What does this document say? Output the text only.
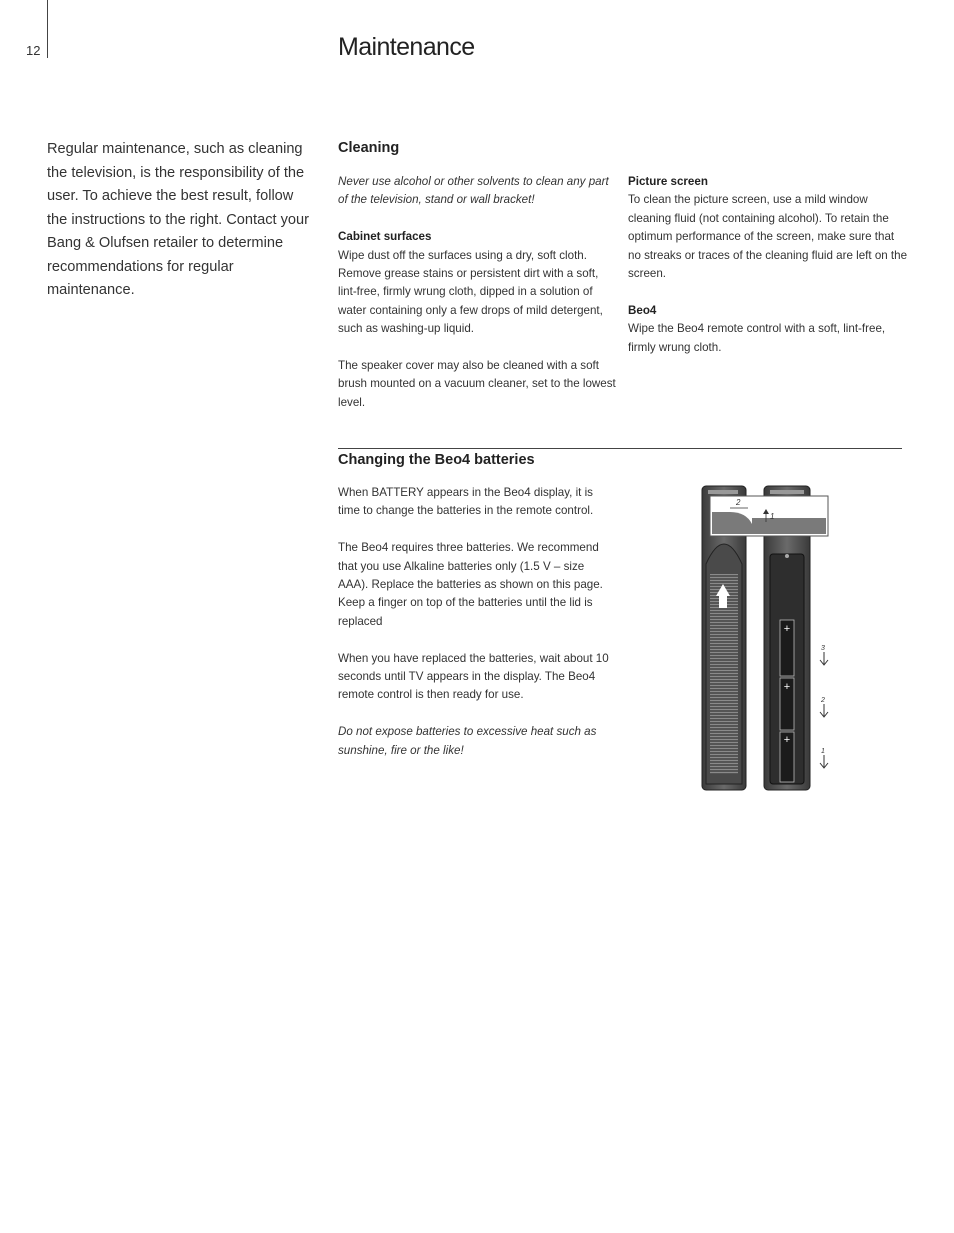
12	Maintenance

Regular maintenance, such as cleaning the television, is the responsibility of the user. To achieve the best result, follow the instructions to the right. Contact your Bang & Olufsen retailer to determine recommendations for regular maintenance.

Cleaning

Never use alcohol or other solvents to clean any part of the television, stand or wall bracket!

Cabinet surfaces

Wipe dust off the surfaces using a dry, soft cloth. Remove grease stains or persistent dirt with a soft, lint-free, firmly wrung cloth, dipped in a solution of water containing only a few drops of mild detergent, such as washing-up liquid.

The speaker cover may also be cleaned with a soft brush mounted on a vacuum cleaner, set to the lowest level.

Picture screen

To clean the picture screen, use a mild window cleaning fluid (not containing alcohol). To retain the optimum performance of the screen, make sure that no streaks or traces of the cleaning fluid are left on the screen.

Beo4

Wipe the Beo4 remote control with a soft, lint-free, firmly wrung cloth.

Changing the Beo4 batteries

When BATTERY appears in the Beo4 display, it is time to change the batteries in the remote control.

The Beo4 requires three batteries. We recommend that you use Alkaline batteries only (1.5 V – size AAA). Replace the batteries as shown on this page. Keep a finger on top of the batteries until the lid is replaced

When you have replaced the batteries, wait about 10 seconds until TV appears in the display. The Beo4 remote control is then ready for use.

Do not expose batteries to excessive heat such as sunshine, fire or the like!

+
+
+
2
1
3
2
1
